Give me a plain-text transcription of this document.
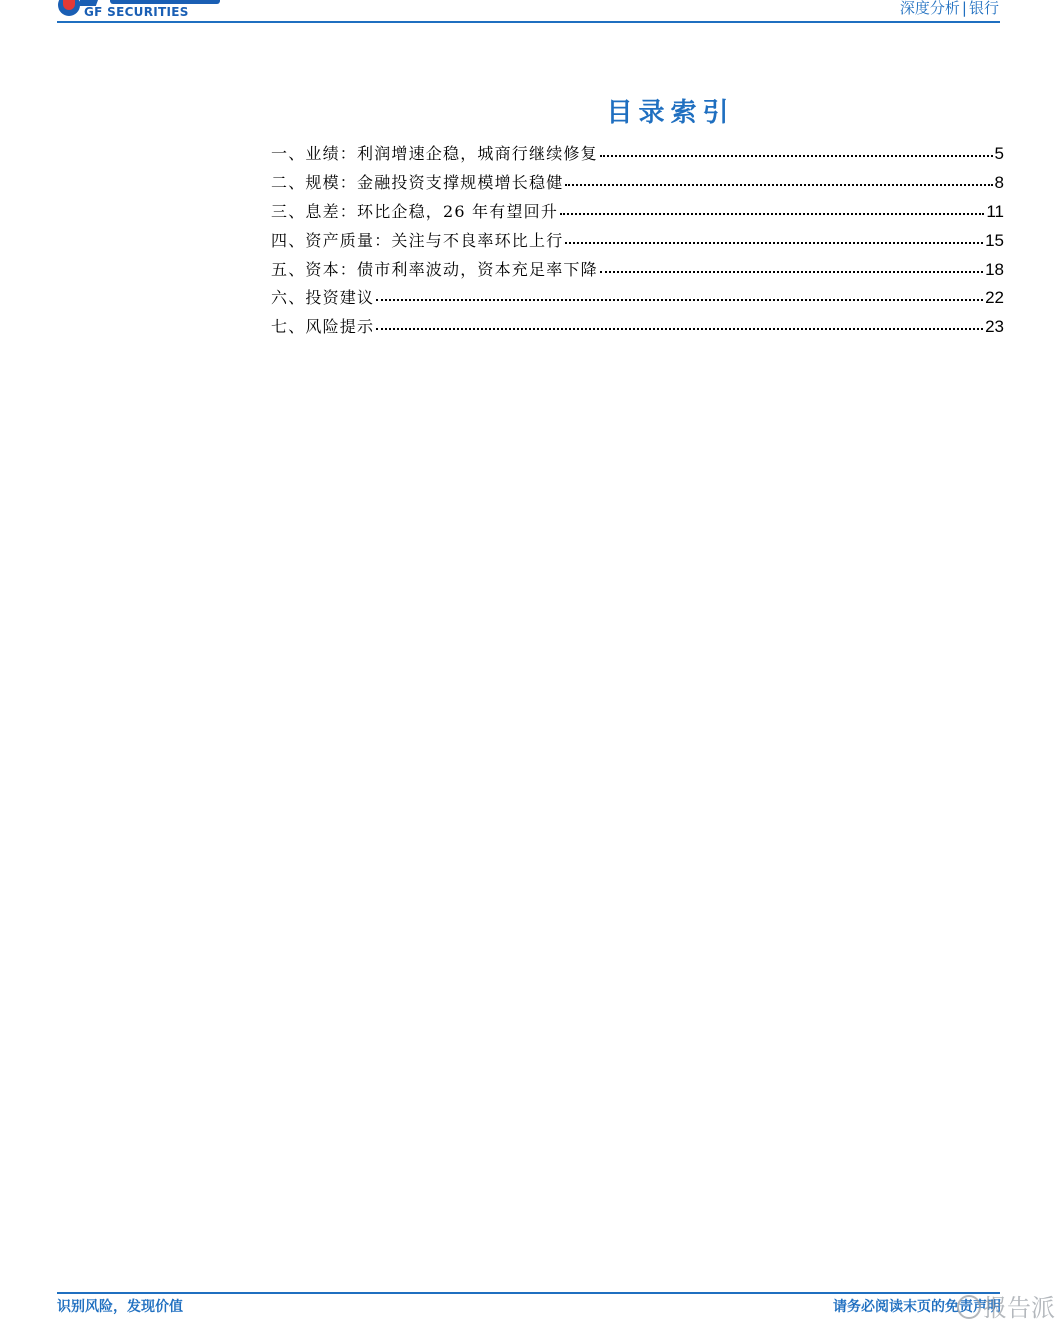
GF SECURITIES	深度分析 | 银行
目录索引
一、业绩：利润增速企稳，城商行继续修复	5
二、规模：金融投资支撑规模增长稳健	8
三、息差：环比企稳，26 年有望回升	11
四、资产质量：关注与不良率环比上行	15
五、资本：债市利率波动，资本充足率下降	18
六、投资建议	22
七、风险提示	23
识别风险，发现价值	请务必阅读末页的免责声明
报告派
